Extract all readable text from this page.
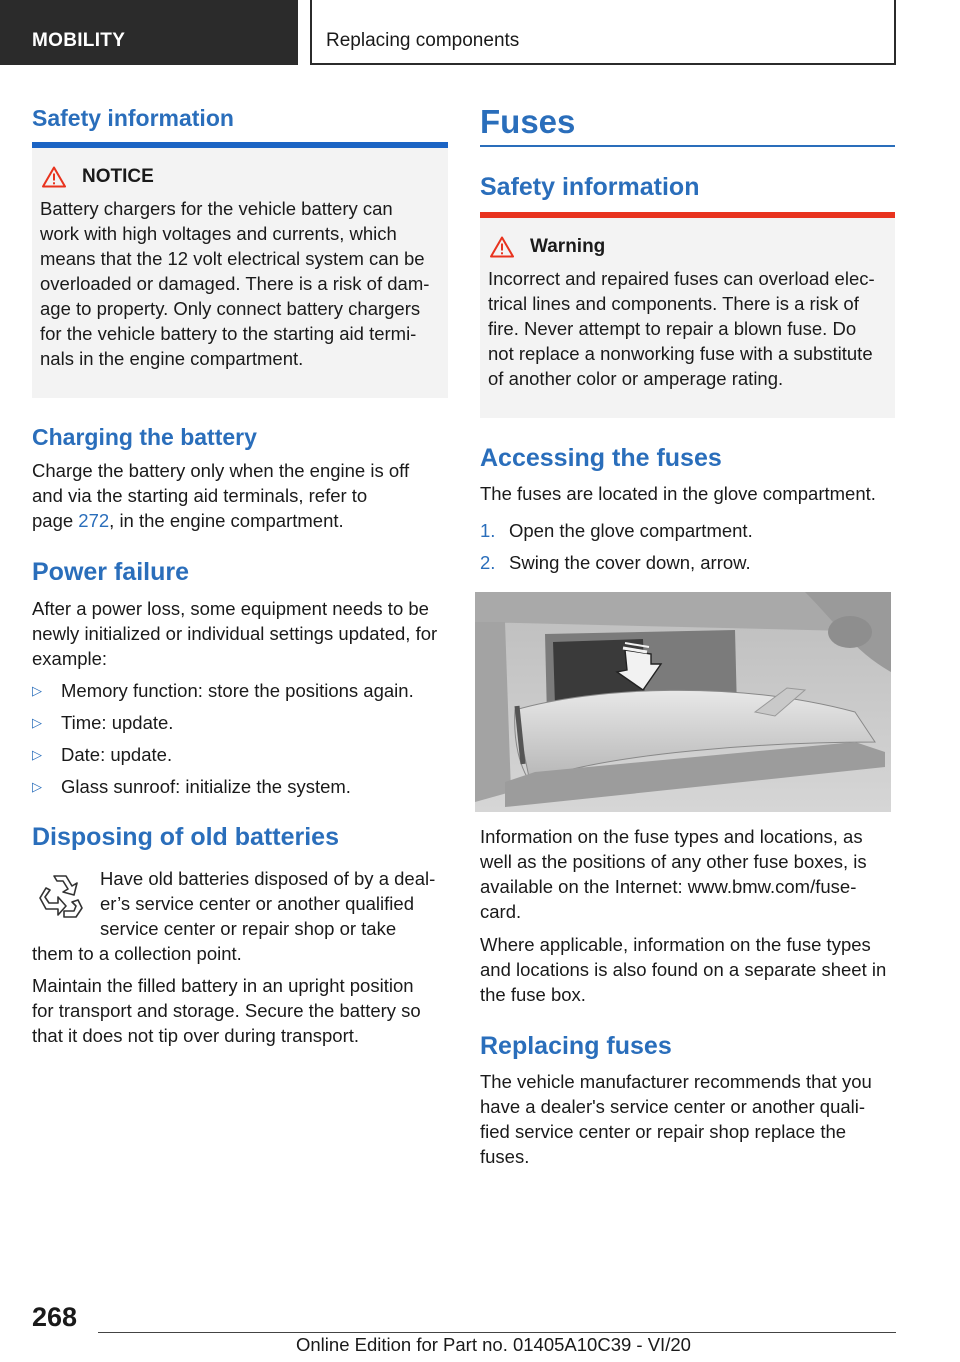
MOBILITY	Replacing components
Safety information
NOTICE
Battery chargers for the vehicle battery can
work with high voltages and currents, which
means that the 12 volt electrical system can be
overloaded or damaged. There is a risk of dam-
age to property. Only connect battery chargers
for the vehicle battery to the starting aid termi-
nals in the engine compartment.
Charging the battery
Charge the battery only when the engine is off
and via the starting aid terminals, refer to
page 272, in the engine compartment.
Power failure
After a power loss, some equipment needs to be
newly initialized or individual settings updated, for
example:
▷ Memory function: store the positions again.
▷ Time: update.
▷ Date: update.
▷ Glass sunroof: initialize the system.
Disposing of old batteries
Have old batteries disposed of by a deal-
er’s service center or another qualified
service center or repair shop or take
them to a collection point.
Maintain the filled battery in an upright position
for transport and storage. Secure the battery so
that it does not tip over during transport.
Fuses
Safety information
Warning
Incorrect and repaired fuses can overload elec-
trical lines and components. There is a risk of
fire. Never attempt to repair a blown fuse. Do
not replace a nonworking fuse with a substitute
of another color or amperage rating.
Accessing the fuses
The fuses are located in the glove compartment.
1. Open the glove compartment.
2. Swing the cover down, arrow.
Information on the fuse types and locations, as
well as the positions of any other fuse boxes, is
available on the Internet: www.bmw.com/fuse-
card.
Where applicable, information on the fuse types
and locations is also found on a separate sheet in
the fuse box.
Replacing fuses
The vehicle manufacturer recommends that you
have a dealer's service center or another quali-
fied service center or repair shop replace the
fuses.
268
Online Edition for Part no. 01405A10C39 - VI/20
